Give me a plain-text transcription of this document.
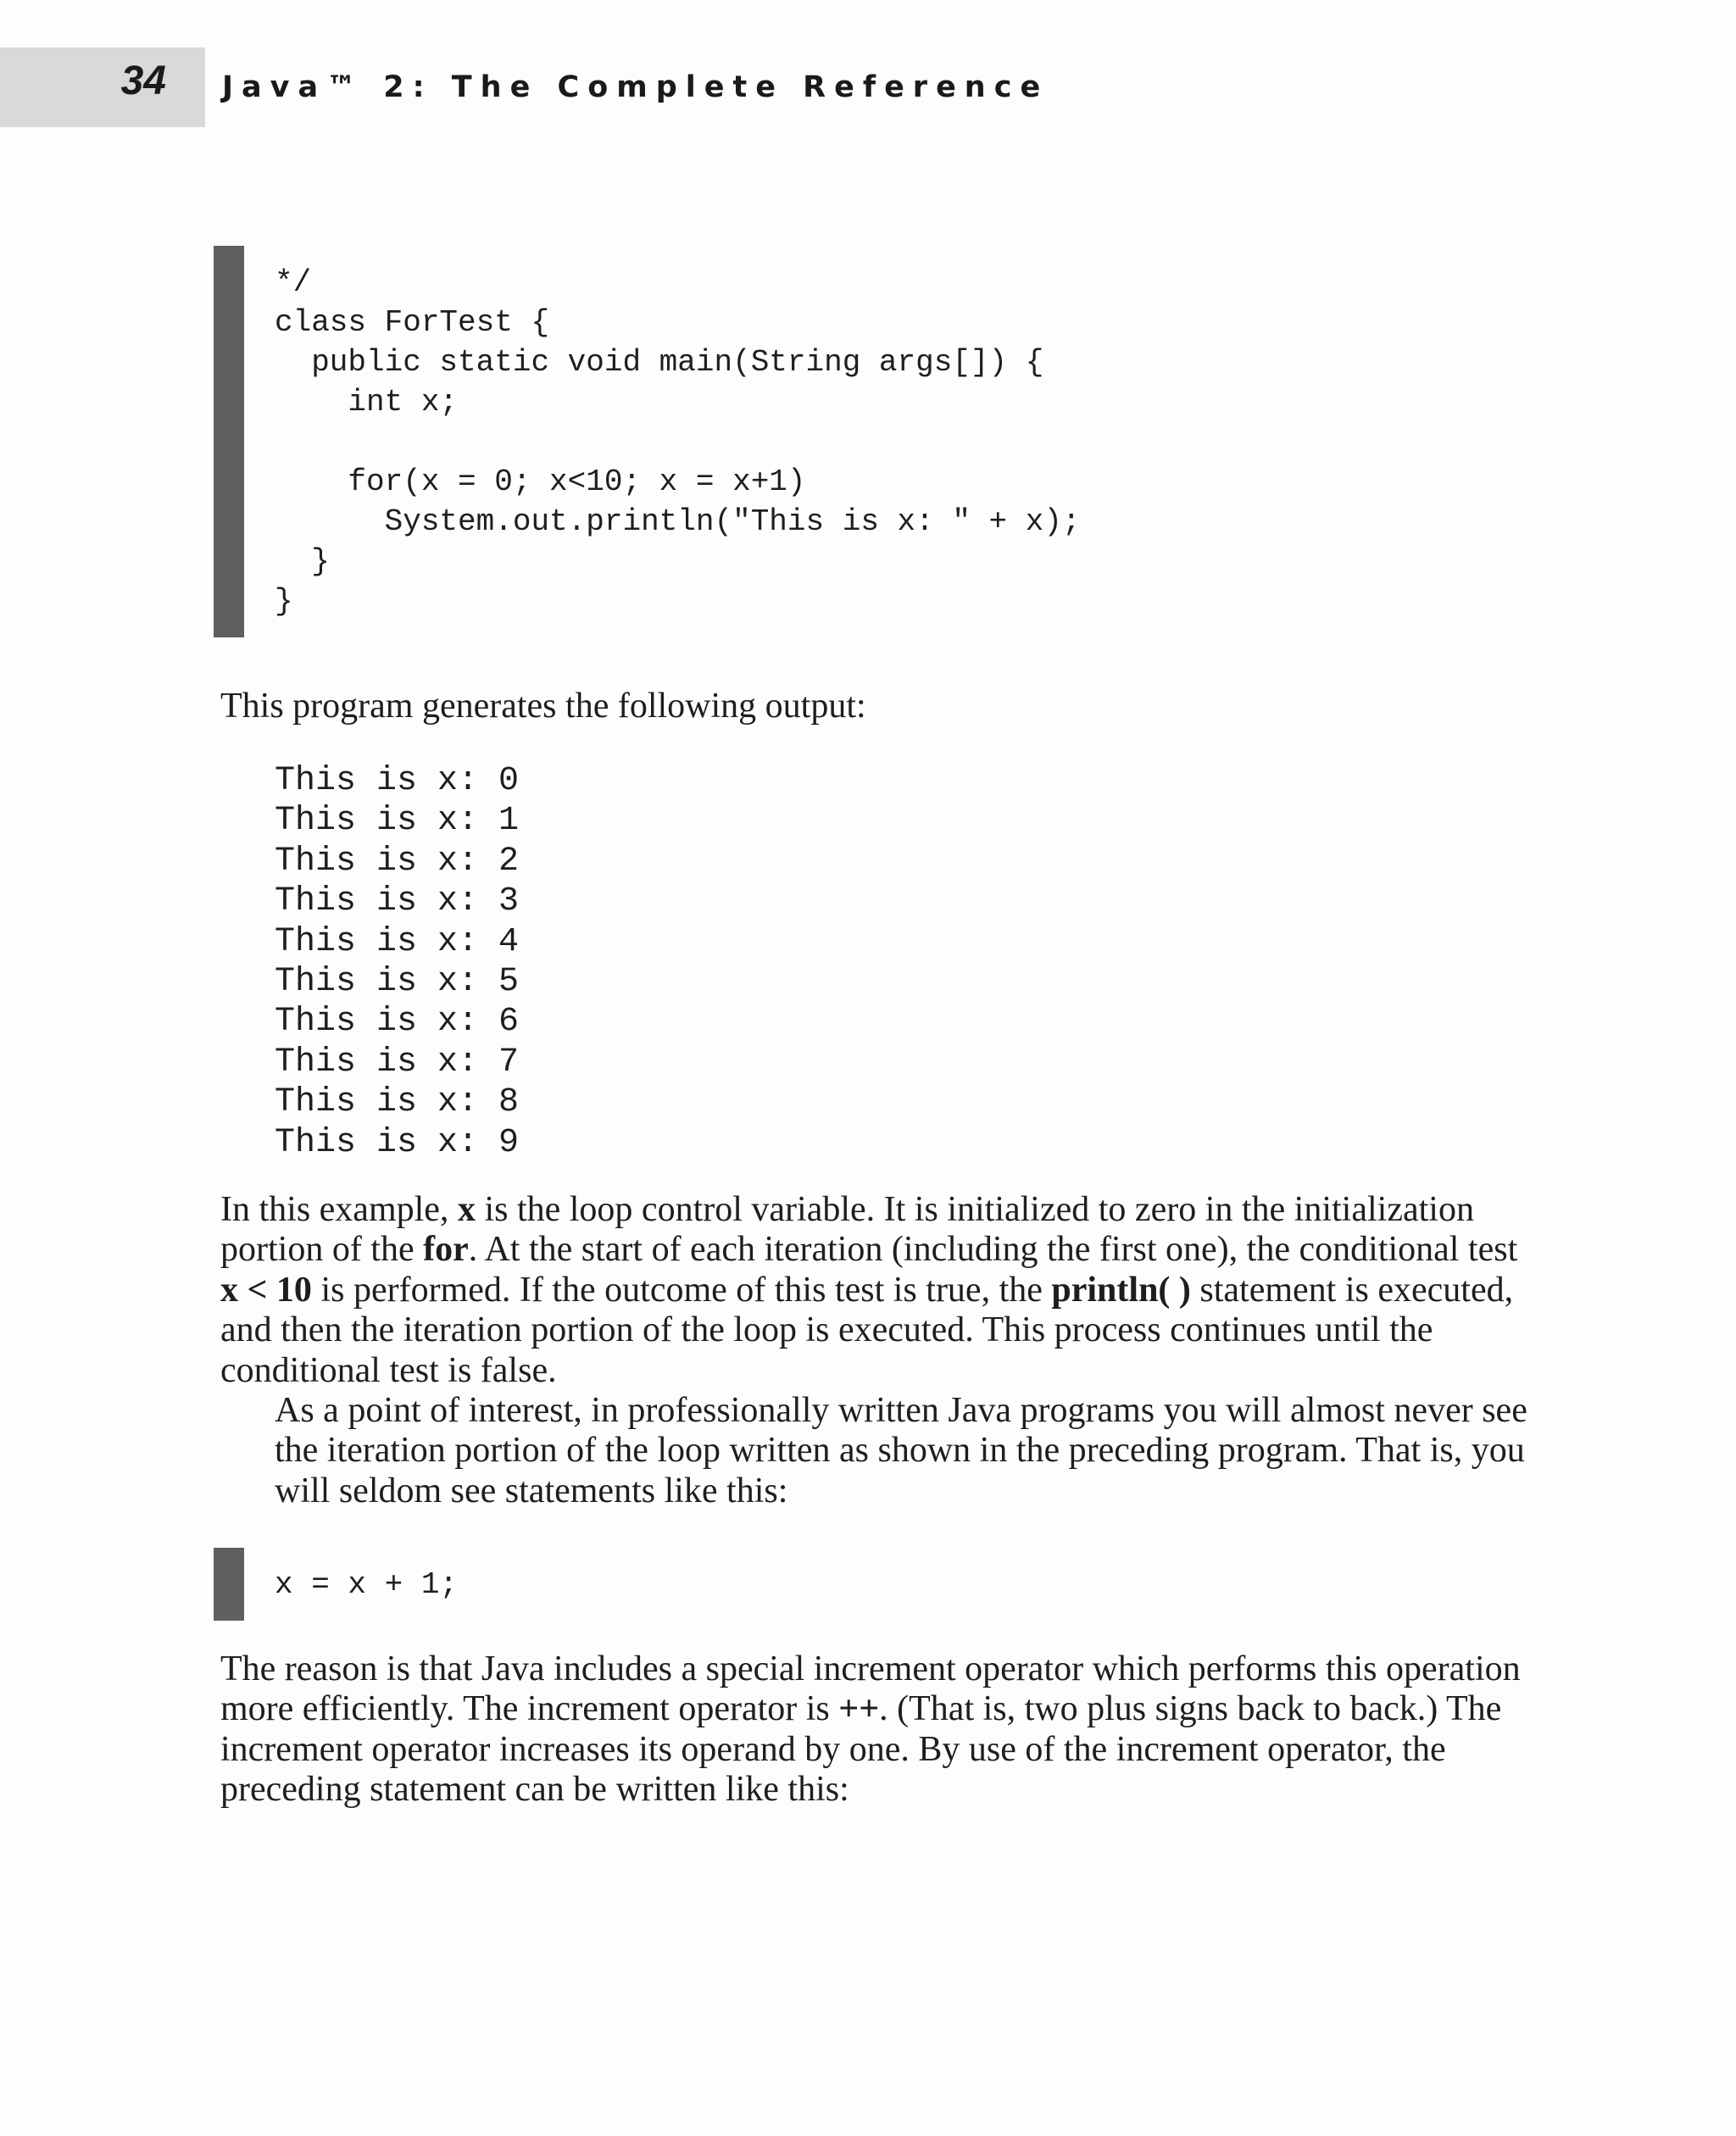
34 Java™ 2: The Complete Reference
*/
class ForTest {
public static void main(String args[]) {
int x;
for(x = 0; x<10; x = x+1)
System.out.println("This is x: " + x);
}
}

This program generates the following output:

This is x: 0
This is x: 1
This is x: 2
This is x: 3
This is x: 4
This is x: 5
This is x: 6
This is x: 7
This is x: 8
This is x: 9

In this example, x is the loop control variable. It is initialized to zero in the initialization portion of the for. At the start of each iteration (including the first one), the conditional test x < 10 is performed. If the outcome of this test is true, the println( ) statement is executed, and then the iteration portion of the loop is executed. This process continues until the conditional test is false.

As a point of interest, in professionally written Java programs you will almost never see the iteration portion of the loop written as shown in the preceding program. That is, you will seldom see statements like this:

x = x + 1;

The reason is that Java includes a special increment operator which performs this operation more efficiently. The increment operator is ++. (That is, two plus signs back to back.) The increment operator increases its operand by one. By use of the increment operator, the preceding statement can be written like this:
